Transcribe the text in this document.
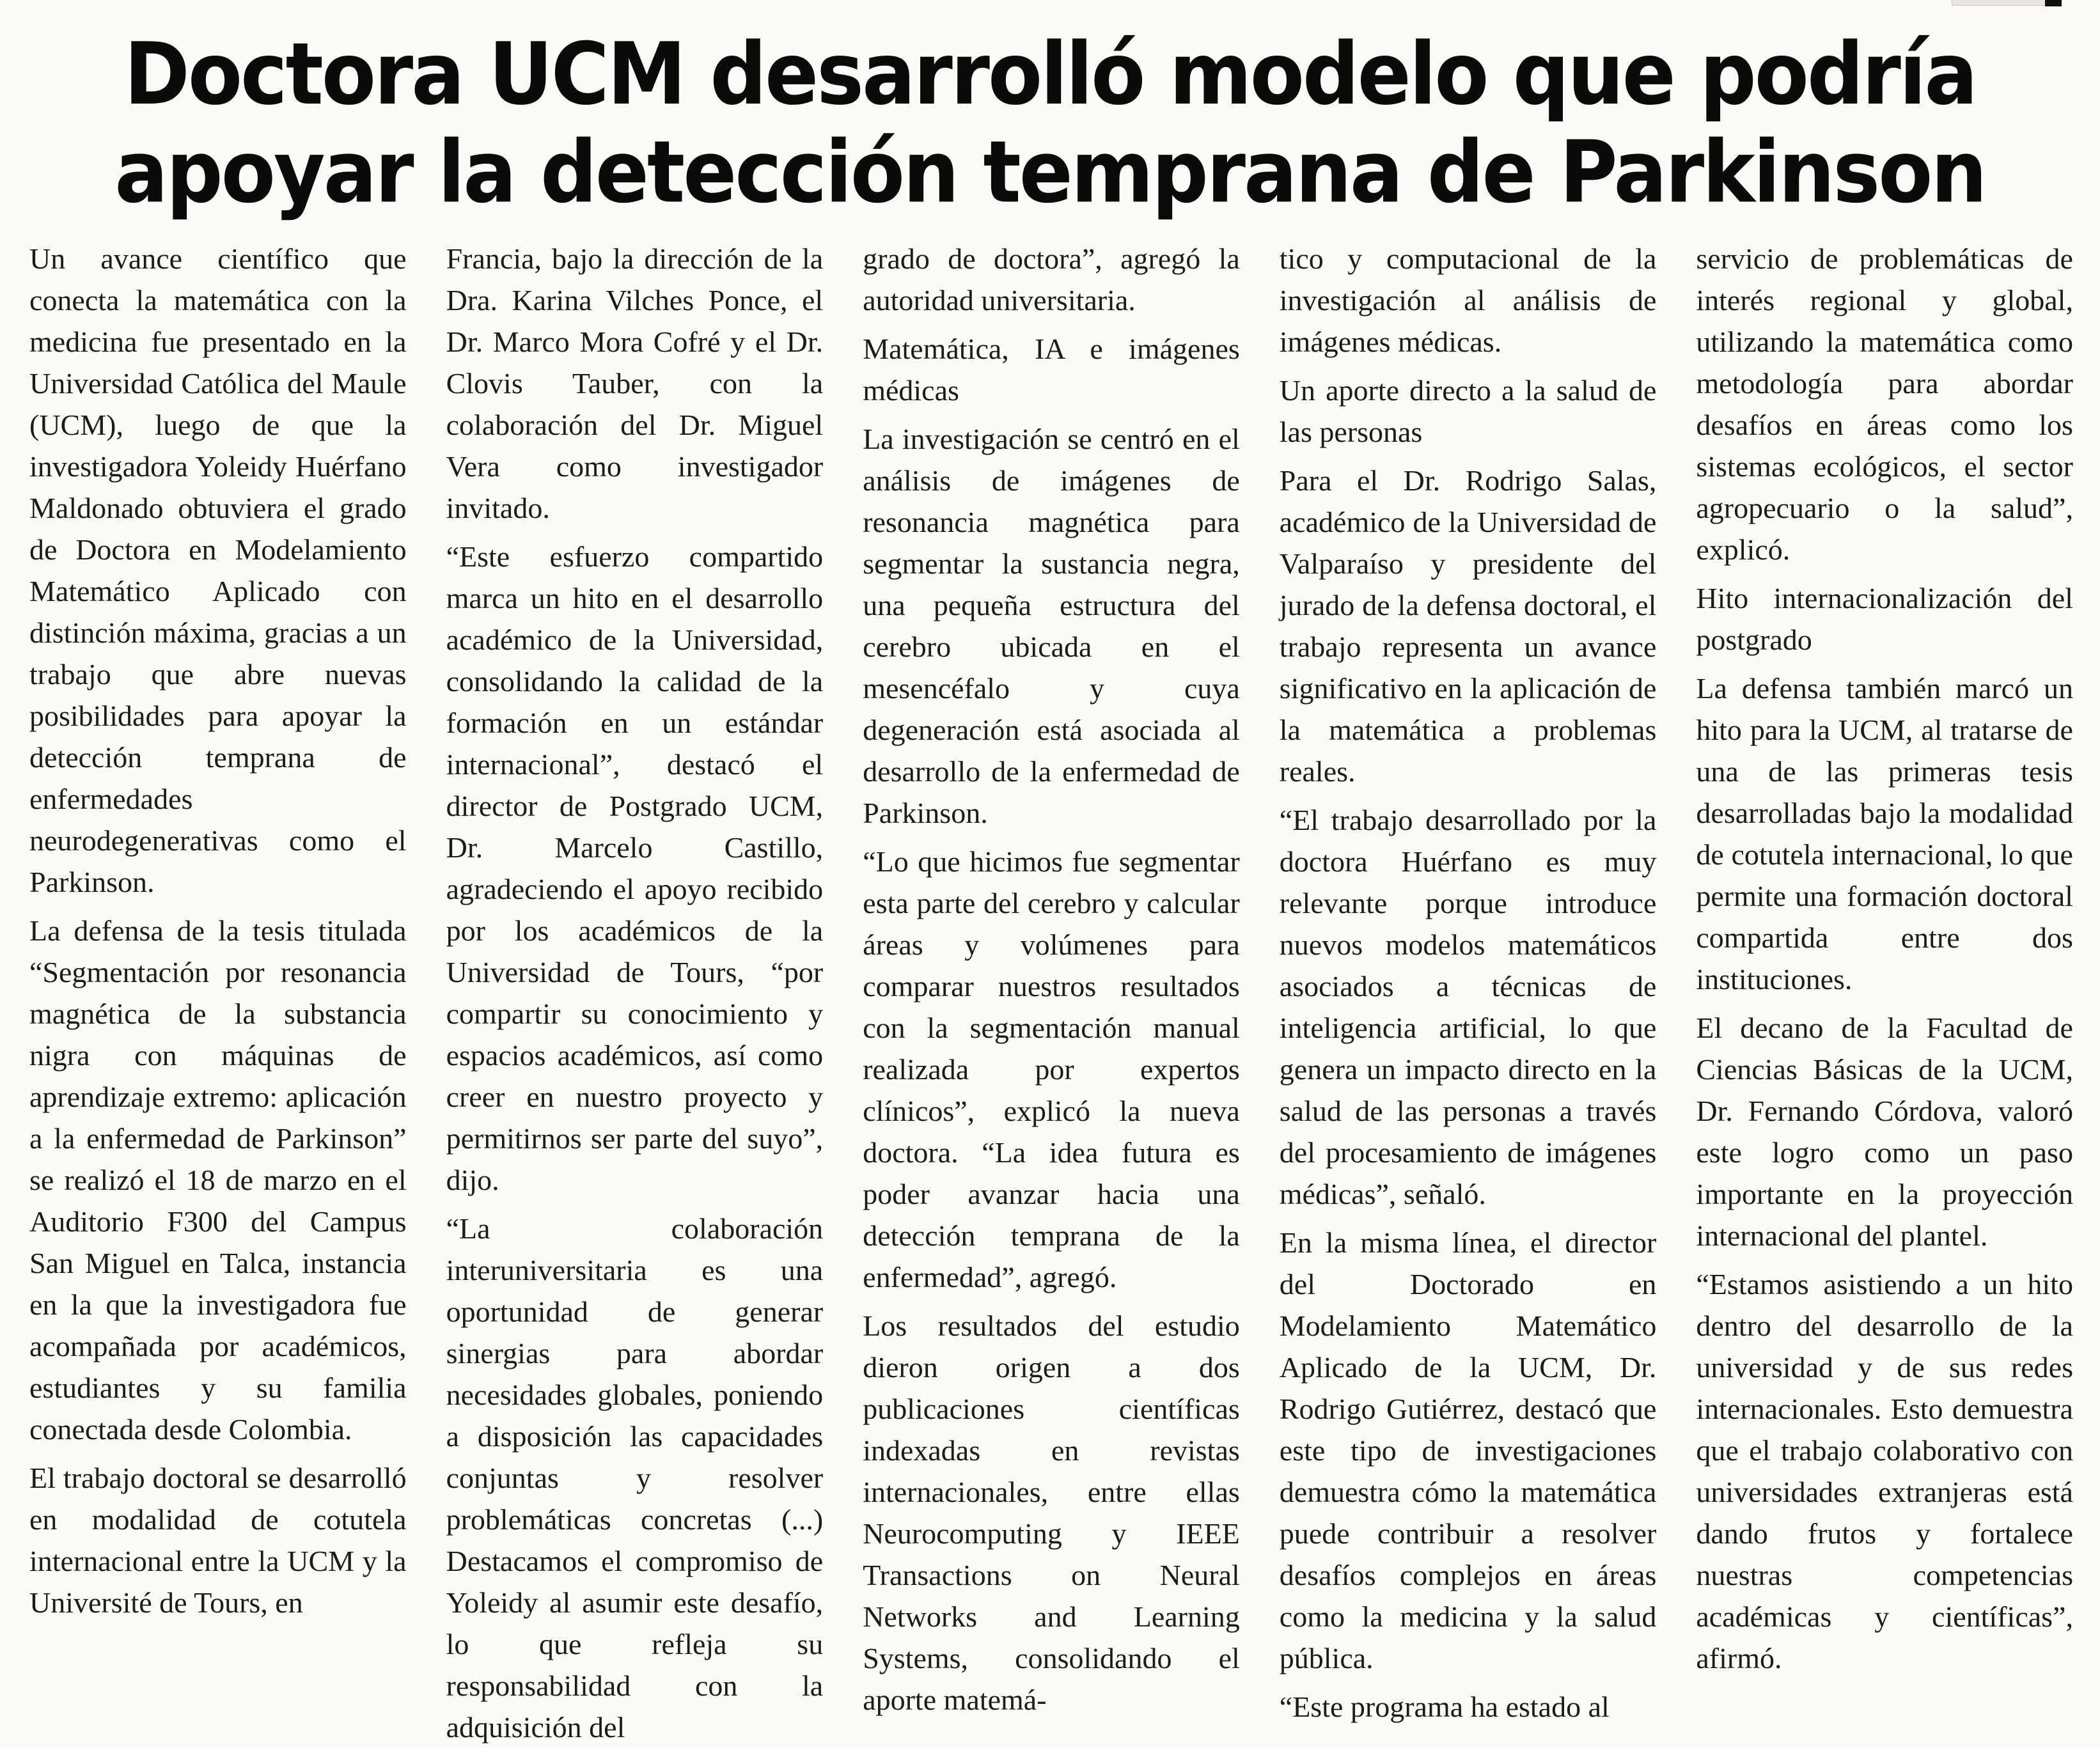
Doctora UCM desarrolló modelo que podría apoyar la detección temprana de Parkinson

Un avance científico que conecta la matemática con la medicina fue presentado en la Universidad Católica del Maule (UCM), luego de que la investigadora Yoleidy Huérfano Maldonado obtuviera el grado de Doctora en Modelamiento Matemático Aplicado con distinción máxima, gracias a un trabajo que abre nuevas posibilidades para apoyar la detección temprana de enfermedades neurodegenerativas como el Parkinson.

La defensa de la tesis titulada “Segmentación por resonancia magnética de la substancia nigra con máquinas de aprendizaje extremo: aplicación a la enfermedad de Parkinson” se realizó el 18 de marzo en el Auditorio F300 del Campus San Miguel en Talca, instancia en la que la investigadora fue acompañada por académicos, estudiantes y su familia conectada desde Colombia.

El trabajo doctoral se desarrolló en modalidad de cotutela internacional entre la UCM y la Université de Tours, en

Francia, bajo la dirección de la Dra. Karina Vilches Ponce, el Dr. Marco Mora Cofré y el Dr. Clovis Tauber, con la colaboración del Dr. Miguel Vera como investigador invitado.

“Este esfuerzo compartido marca un hito en el desarrollo académico de la Universidad, consolidando la calidad de la formación en un estándar internacional”, destacó el director de Postgrado UCM, Dr. Marcelo Castillo, agradeciendo el apoyo recibido por los académicos de la Universidad de Tours, “por compartir su conocimiento y espacios académicos, así como creer en nuestro proyecto y permitirnos ser parte del suyo”, dijo.

“La colaboración interuniversitaria es una oportunidad de generar sinergias para abordar necesidades globales, poniendo a disposición las capacidades conjuntas y resolver problemáticas concretas (...) Destacamos el compromiso de Yoleidy al asumir este desafío, lo que refleja su responsabilidad con la adquisición del

grado de doctora”, agregó la autoridad universitaria.

Matemática, IA e imágenes médicas

La investigación se centró en el análisis de imágenes de resonancia magnética para segmentar la sustancia negra, una pequeña estructura del cerebro ubicada en el mesencéfalo y cuya degeneración está asociada al desarrollo de la enfermedad de Parkinson.

“Lo que hicimos fue segmentar esta parte del cerebro y calcular áreas y volúmenes para comparar nuestros resultados con la segmentación manual realizada por expertos clínicos”, explicó la nueva doctora. “La idea futura es poder avanzar hacia una detección temprana de la enfermedad”, agregó.

Los resultados del estudio dieron origen a dos publicaciones científicas indexadas en revistas internacionales, entre ellas Neurocomputing y IEEE Transactions on Neural Networks and Learning Systems, consolidando el aporte matemá-

tico y computacional de la investigación al análisis de imágenes médicas.

Un aporte directo a la salud de las personas

Para el Dr. Rodrigo Salas, académico de la Universidad de Valparaíso y presidente del jurado de la defensa doctoral, el trabajo representa un avance significativo en la aplicación de la matemática a problemas reales.

“El trabajo desarrollado por la doctora Huérfano es muy relevante porque introduce nuevos modelos matemáticos asociados a técnicas de inteligencia artificial, lo que genera un impacto directo en la salud de las personas a través del procesamiento de imágenes médicas”, señaló.

En la misma línea, el director del Doctorado en Modelamiento Matemático Aplicado de la UCM, Dr. Rodrigo Gutiérrez, destacó que este tipo de investigaciones demuestra cómo la matemática puede contribuir a resolver desafíos complejos en áreas como la medicina y la salud pública.

“Este programa ha estado al

servicio de problemáticas de interés regional y global, utilizando la matemática como metodología para abordar desafíos en áreas como los sistemas ecológicos, el sector agropecuario o la salud”, explicó.

Hito internacionalización del postgrado

La defensa también marcó un hito para la UCM, al tratarse de una de las primeras tesis desarrolladas bajo la modalidad de cotutela internacional, lo que permite una formación doctoral compartida entre dos instituciones.

El decano de la Facultad de Ciencias Básicas de la UCM, Dr. Fernando Córdova, valoró este logro como un paso importante en la proyección internacional del plantel.

“Estamos asistiendo a un hito dentro del desarrollo de la universidad y de sus redes internacionales. Esto demuestra que el trabajo colaborativo con universidades extranjeras está dando frutos y fortalece nuestras competencias académicas y científicas”, afirmó.
